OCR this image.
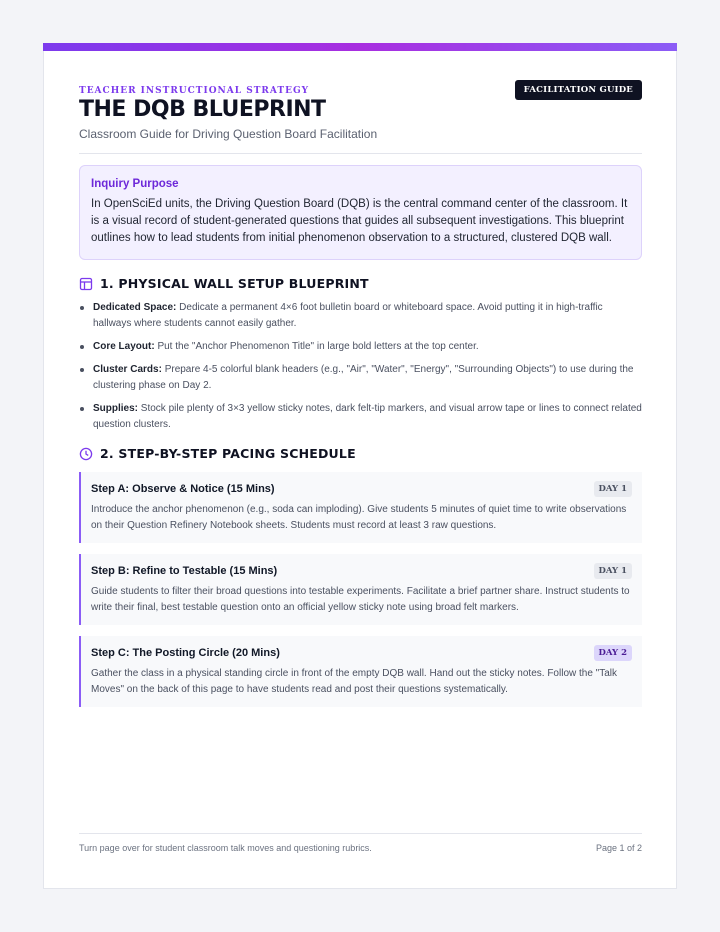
FACILITATION GUIDE
TEACHER INSTRUCTIONAL STRATEGY
THE DQB BLUEPRINT
Classroom Guide for Driving Question Board Facilitation
Inquiry Purpose
In OpenSciEd units, the Driving Question Board (DQB) is the central command center of the classroom. It is a visual record of student-generated questions that guides all subsequent investigations. This blueprint outlines how to lead students from initial phenomenon observation to a structured, clustered DQB wall.
1. PHYSICAL WALL SETUP BLUEPRINT
Dedicated Space: Dedicate a permanent 4×6 foot bulletin board or whiteboard space. Avoid putting it in high-traffic hallways where students cannot easily gather.
Core Layout: Put the "Anchor Phenomenon Title" in large bold letters at the top center.
Cluster Cards: Prepare 4-5 colorful blank headers (e.g., "Air", "Water", "Energy", "Surrounding Objects") to use during the clustering phase on Day 2.
Supplies: Stock pile plenty of 3×3 yellow sticky notes, dark felt-tip markers, and visual arrow tape or lines to connect related question clusters.
2. STEP-BY-STEP PACING SCHEDULE
Step A: Observe & Notice (15 Mins)	DAY 1
Introduce the anchor phenomenon (e.g., soda can imploding). Give students 5 minutes of quiet time to write observations on their Question Refinery Notebook sheets. Students must record at least 3 raw questions.
Step B: Refine to Testable (15 Mins)	DAY 1
Guide students to filter their broad questions into testable experiments. Facilitate a brief partner share. Instruct students to write their final, best testable question onto an official yellow sticky note using broad felt markers.
Step C: The Posting Circle (20 Mins)	DAY 2
Gather the class in a physical standing circle in front of the empty DQB wall. Hand out the sticky notes. Follow the "Talk Moves" on the back of this page to have students read and post their questions systematically.
Turn page over for student classroom talk moves and questioning rubrics.	Page 1 of 2
